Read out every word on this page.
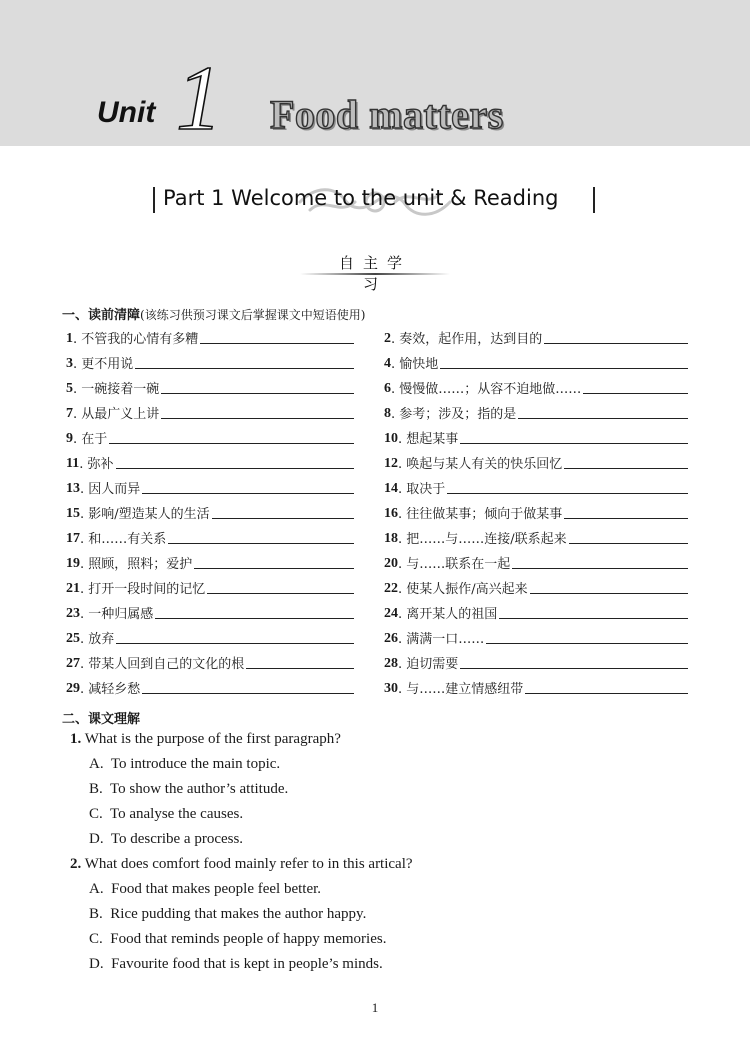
Unit 1 Food matters
Part 1 Welcome to the unit & Reading
自主学习
一、读前清障(该练习供预习课文后掌握课文中短语使用)
1 . 不管我的心情有多糟	2 . 奏效，起作用，达到目的
3 . 更不用说	4 . 愉快地
5 . 一碗接着一碗	6 . 慢慢做……；从容不迫地做……
7 . 从最广义上讲	8 . 参考；涉及；指的是
9 . 在于	10 . 想起某事
11 . 弥补	12 . 唤起与某人有关的快乐回忆
13 . 因人而异	14 . 取决于
15 . 影响/塑造某人的生活	16 . 往往做某事；倾向于做某事
17 . 和……有关系	18 . 把……与……连接/联系起来
19 . 照顾，照料；爱护	20 . 与……联系在一起
21 . 打开一段时间的记忆	22 . 使某人振作/高兴起来
23 . 一种归属感	24 . 离开某人的祖国
25 . 放弃	26 . 满满一口……
27 . 带某人回到自己的文化的根	28 . 迫切需要
29 . 减轻乡愁	30 . 与……建立情感纽带
二、课文理解
1. What is the purpose of the first paragraph?
A. To introduce the main topic.
B. To show the author’s attitude.
C. To analyse the causes.
D. To describe a process.
2. What does comfort food mainly refer to in this artical?
A. Food that makes people feel better.
B. Rice pudding that makes the author happy.
C. Food that reminds people of happy memories.
D. Favourite food that is kept in people’s minds.
1
